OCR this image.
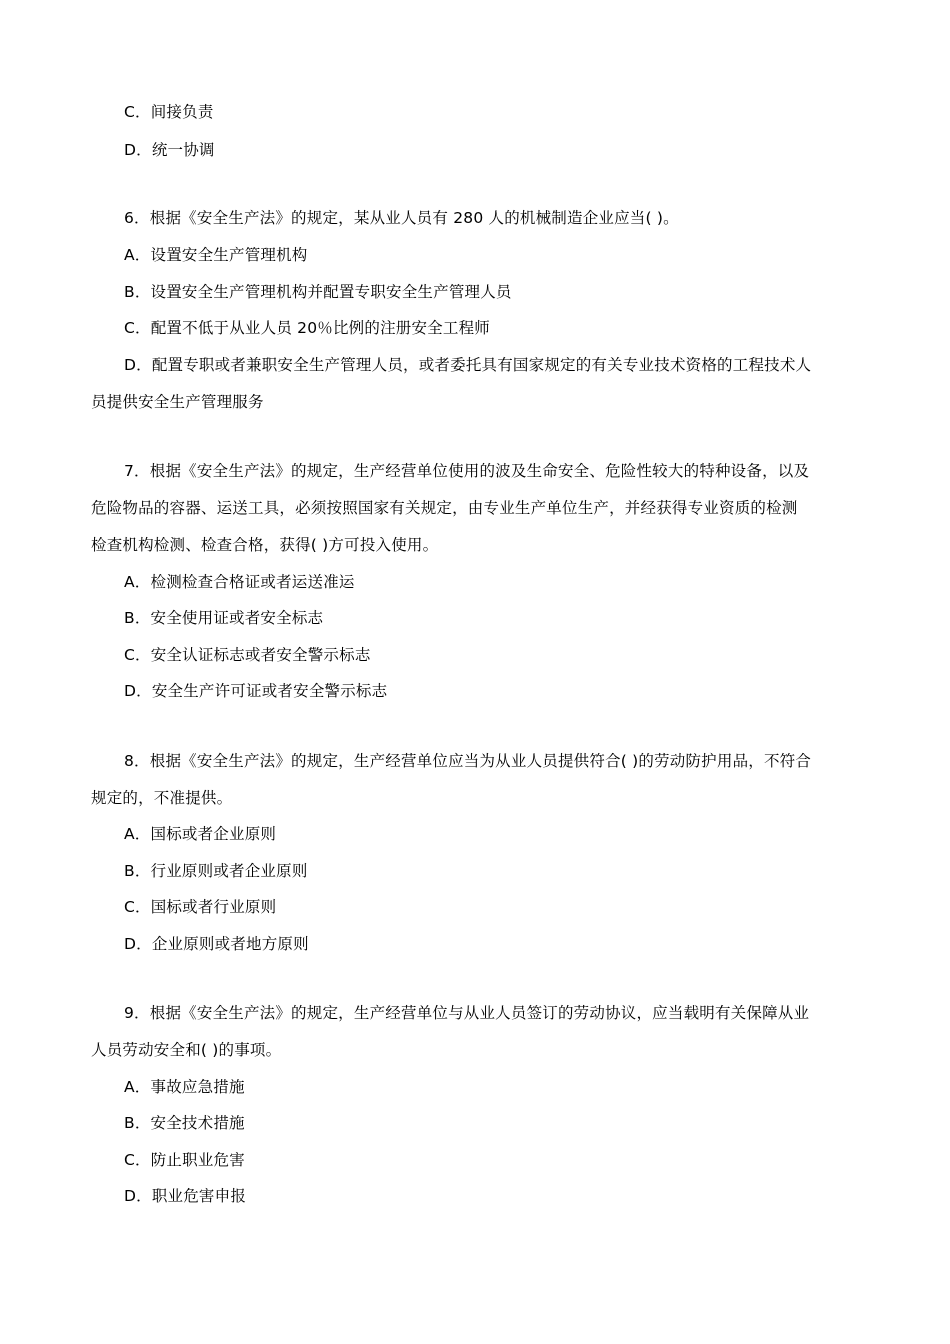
C．间接负责
D．统一协调
6．根据《安全生产法》的规定，某从业人员有 280 人的机械制造企业应当( )。
A．设置安全生产管理机构
B．设置安全生产管理机构并配置专职安全生产管理人员
C．配置不低于从业人员 20％比例的注册安全工程师
D．配置专职或者兼职安全生产管理人员，或者委托具有国家规定的有关专业技术资格的工程技术人
员提供安全生产管理服务
7．根据《安全生产法》的规定，生产经营单位使用的波及生命安全、危险性较大的特种设备，以及
危险物品的容器、运送工具，必须按照国家有关规定，由专业生产单位生产，并经获得专业资质的检测
检查机构检测、检查合格，获得( )方可投入使用。
A．检测检查合格证或者运送准运
B．安全使用证或者安全标志
C．安全认证标志或者安全警示标志
D．安全生产许可证或者安全警示标志
8．根据《安全生产法》的规定，生产经营单位应当为从业人员提供符合( )的劳动防护用品，不符合
规定的，不准提供。
A．国标或者企业原则
B．行业原则或者企业原则
C．国标或者行业原则
D．企业原则或者地方原则
9．根据《安全生产法》的规定，生产经营单位与从业人员签订的劳动协议，应当载明有关保障从业
人员劳动安全和( )的事项。
A．事故应急措施
B．安全技术措施
C．防止职业危害
D．职业危害申报
